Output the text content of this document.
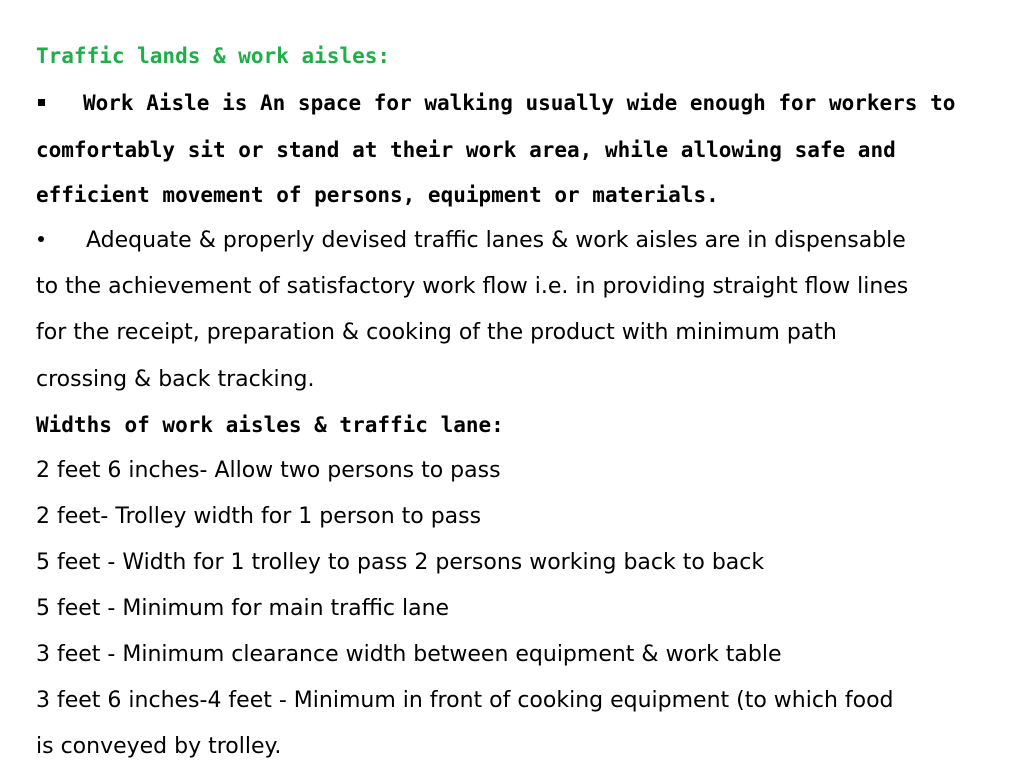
Traffic lands & work aisles:
Work Aisle is An space for walking usually wide enough for workers to
comfortably sit or stand at their work area, while allowing safe and
efficient movement of persons, equipment or materials.
Adequate & properly devised traffic lanes & work aisles are in dispensable
to the achievement of satisfactory work flow i.e. in providing straight flow lines
for the receipt, preparation & cooking of the product with minimum path
crossing & back tracking.
Widths of work aisles & traffic lane:
2 feet 6 inches- Allow two persons to pass
2 feet- Trolley width for 1 person to pass
5 feet - Width for 1 trolley to pass 2 persons working back to back
5 feet - Minimum for main traffic lane
3 feet - Minimum clearance width between equipment & work table
3 feet 6 inches-4 feet - Minimum in front of cooking equipment (to which food
is conveyed by trolley.
